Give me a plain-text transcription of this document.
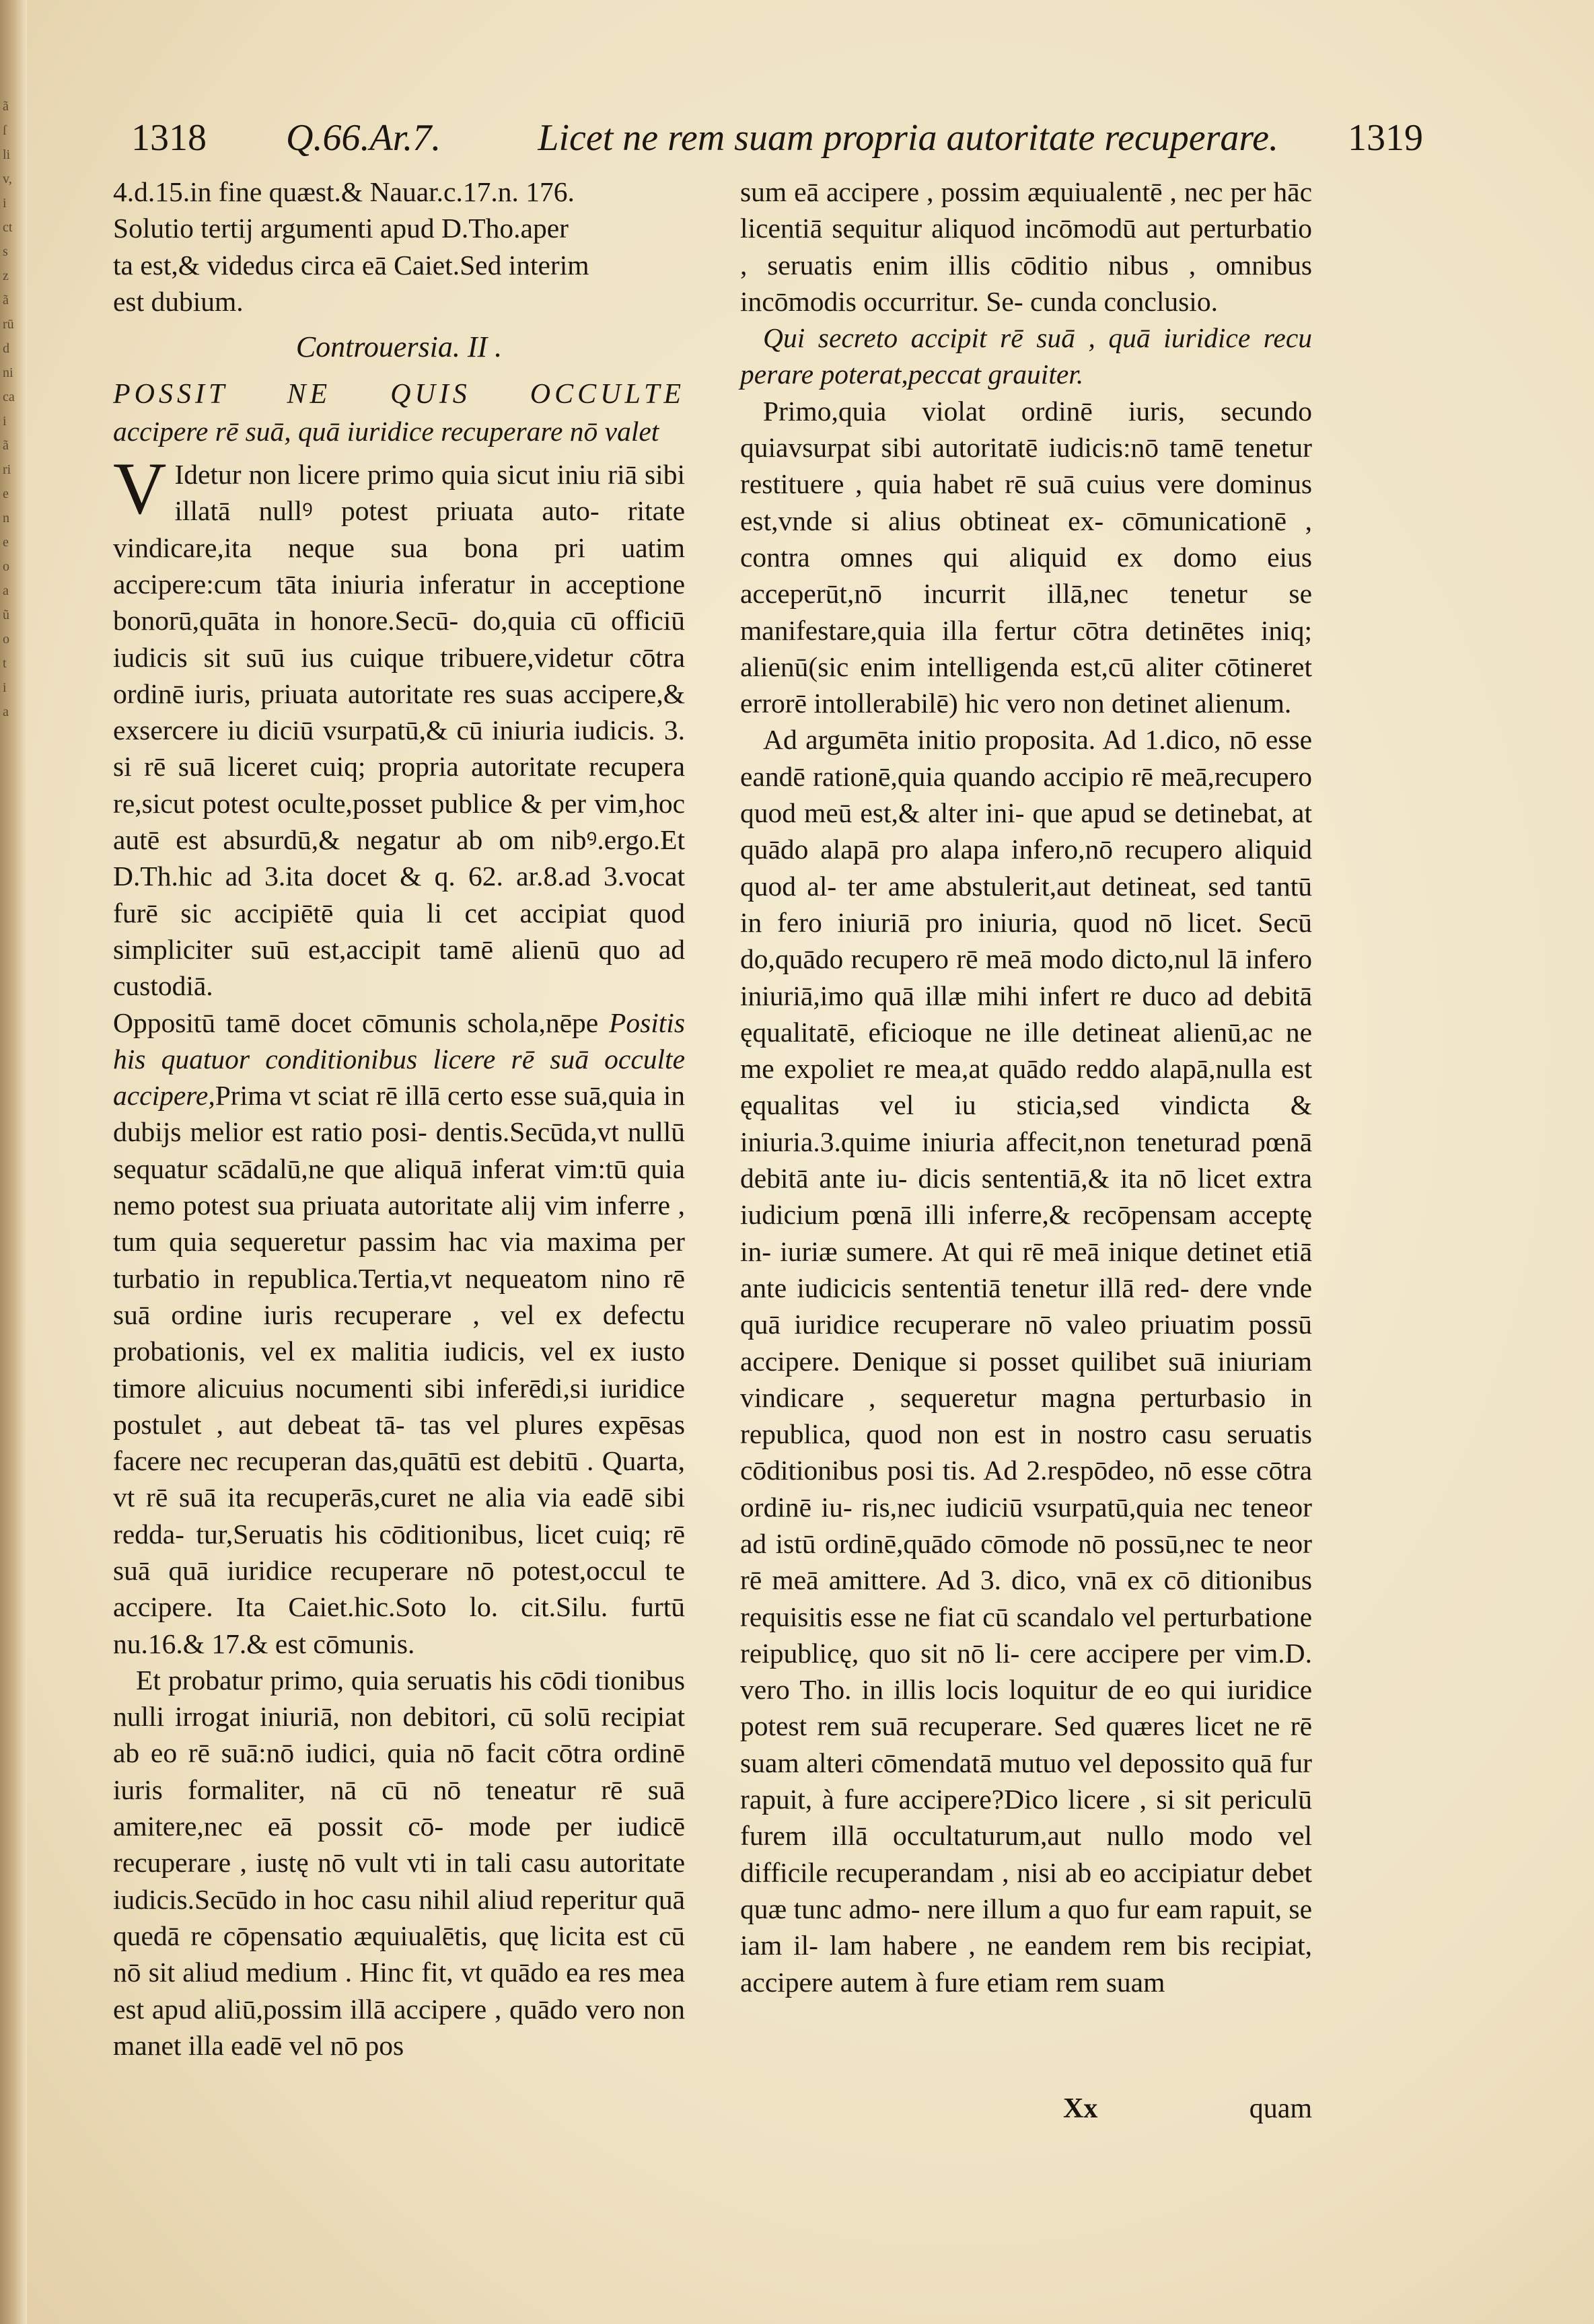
ã
ſ
li
v,
i
ct
s
z
ã
rū
d
ni
ca
i
ã
ri
e
n
e
o
a
ũ
o
t
i
a
1318 Q.66.Ar.7.	Licet ne rem suam propria autoritate recuperare. 1319

4.d.15.in fine quæst.& Nauar.c.17.n. 176.

Solutio tertij argumenti apud D.Tho.aper

ta est,& videdus circa eā Caiet.Sed interim

est dubium.

Controuersia. II .

POSSIT NE QUIS OCCULTE

accipere rē suā, quā iuridice recuperare nō valet

V Idetur non licere primo quia sicut iniu riā sibi illatā nullꝰ potest priuata auto- ritate vindicare,ita neque sua bona pri uatim accipere:cum tāta iniuria inferatur in acceptione bonorū,quāta in honore.Secū- do,quia cū officiū iudicis sit suū ius cuique tribuere,videtur cōtra ordinē iuris, priuata autoritate res suas accipere,& exsercere iu diciū vsurpatū,& cū iniuria iudicis. 3. si rē suā liceret cuiq; propria autoritate recupera re,sicut potest oculte,posset publice & per vim,hoc autē est absurdū,& negatur ab om nibꝰ.ergo.Et D.Th.hic ad 3.ita docet & q. 62. ar.8.ad 3.vocat furē sic accipiētē quia li cet accipiat quod simpliciter suū est,accipit tamē alienū quo ad custodiā.

Oppositū tamē docet cōmunis schola,nēpe Positis his quatuor conditionibus licere rē suā occulte accipere,Prima vt sciat rē illā certo esse suā,quia in dubijs melior est ratio posi- dentis.Secūda,vt nullū sequatur scādalū,ne que aliquā inferat vim:tū quia nemo potest sua priuata autoritate alij vim inferre , tum quia sequeretur passim hac via maxima per turbatio in republica.Tertia,vt nequeatom nino rē suā ordine iuris recuperare , vel ex defectu probationis, vel ex malitia iudicis, vel ex iusto timore alicuius nocumenti sibi inferēdi,si iuridice postulet , aut debeat tā- tas vel plures expēsas facere nec recuperan das,quātū est debitū . Quarta, vt rē suā ita recuperās,curet ne alia via eadē sibi redda- tur,Seruatis his cōditionibus, licet cuiq; rē suā quā iuridice recuperare nō potest,occul te accipere. Ita Caiet.hic.Soto lo. cit.Silu. furtū nu.16.& 17.& est cōmunis.

Et probatur primo, quia seruatis his cōdi tionibus nulli irrogat iniuriā, non debitori, cū solū recipiat ab eo rē suā:nō iudici, quia nō facit cōtra ordinē iuris formaliter, nā cū nō teneatur rē suā amitere,nec eā possit cō- mode per iudicē recuperare , iustę nō vult vti in tali casu autoritate iudicis.Secūdo in hoc casu nihil aliud reperitur quā quedā re cōpensatio æquiualētis, quę licita est cū nō sit aliud medium . Hinc fit, vt quādo ea res mea est apud aliū,possim illā accipere , quādo vero non manet illa eadē vel nō pos

sum eā accipere , possim æquiualentē , nec per hāc licentiā sequitur aliquod incōmodū aut perturbatio , seruatis enim illis cōditio nibus , omnibus incōmodis occurritur. Se- cunda conclusio.

Qui secreto accipit rē suā , quā iuridice recu perare poterat,peccat grauiter.

Primo,quia violat ordinē iuris, secundo quiavsurpat sibi autoritatē iudicis:nō tamē tenetur restituere , quia habet rē suā cuius vere dominus est,vnde si alius obtineat ex- cōmunicationē , contra omnes qui aliquid ex domo eius acceperūt,nō incurrit illā,nec tenetur se manifestare,quia illa fertur cōtra detinētes iniq; alienū(sic enim intelligenda est,cū aliter cōtineret errorē intollerabilē) hic vero non detinet alienum.

Ad argumēta initio proposita. Ad 1.dico, nō esse eandē rationē,quia quando accipio rē meā,recupero quod meū est,& alter ini- que apud se detinebat, at quādo alapā pro alapa infero,nō recupero aliquid quod al- ter ame abstulerit,aut detineat, sed tantū in fero iniuriā pro iniuria, quod nō licet. Secū do,quādo recupero rē meā modo dicto,nul lā infero iniuriā,imo quā illæ mihi infert re duco ad debitā ęqualitatē, eficioque ne ille detineat alienū,ac ne me expoliet re mea,at quādo reddo alapā,nulla est ęqualitas vel iu sticia,sed vindicta & iniuria.3.quime iniuria affecit,non teneturad pœnā debitā ante iu- dicis sententiā,& ita nō licet extra iudicium pœnā illi inferre,& recōpensam acceptę in- iuriæ sumere. At qui rē meā inique detinet etiā ante iudicicis sententiā tenetur illā red- dere vnde quā iuridice recuperare nō valeo priuatim possū accipere. Denique si posset quilibet suā iniuriam vindicare , sequeretur magna perturbasio in republica, quod non est in nostro casu seruatis cōditionibus posi tis. Ad 2.respōdeo, nō esse cōtra ordinē iu- ris,nec iudiciū vsurpatū,quia nec teneor ad istū ordinē,quādo cōmode nō possū,nec te neor rē meā amittere. Ad 3. dico, vnā ex cō ditionibus requisitis esse ne fiat cū scandalo vel perturbatione reipublicę, quo sit nō li- cere accipere per vim.D. vero Tho. in illis locis loquitur de eo qui iuridice potest rem suā recuperare. Sed quæres licet ne rē suam alteri cōmendatā mutuo vel depossito quā fur rapuit, à fure accipere?Dico licere , si sit periculū furem illā occultaturum,aut nullo modo vel difficile recuperandam , nisi ab eo accipiatur debet quæ tunc admo- nere illum a quo fur eam rapuit, se iam il- lam habere , ne eandem rem bis recipiat, accipere autem à fure etiam rem suam

Xx	quam
